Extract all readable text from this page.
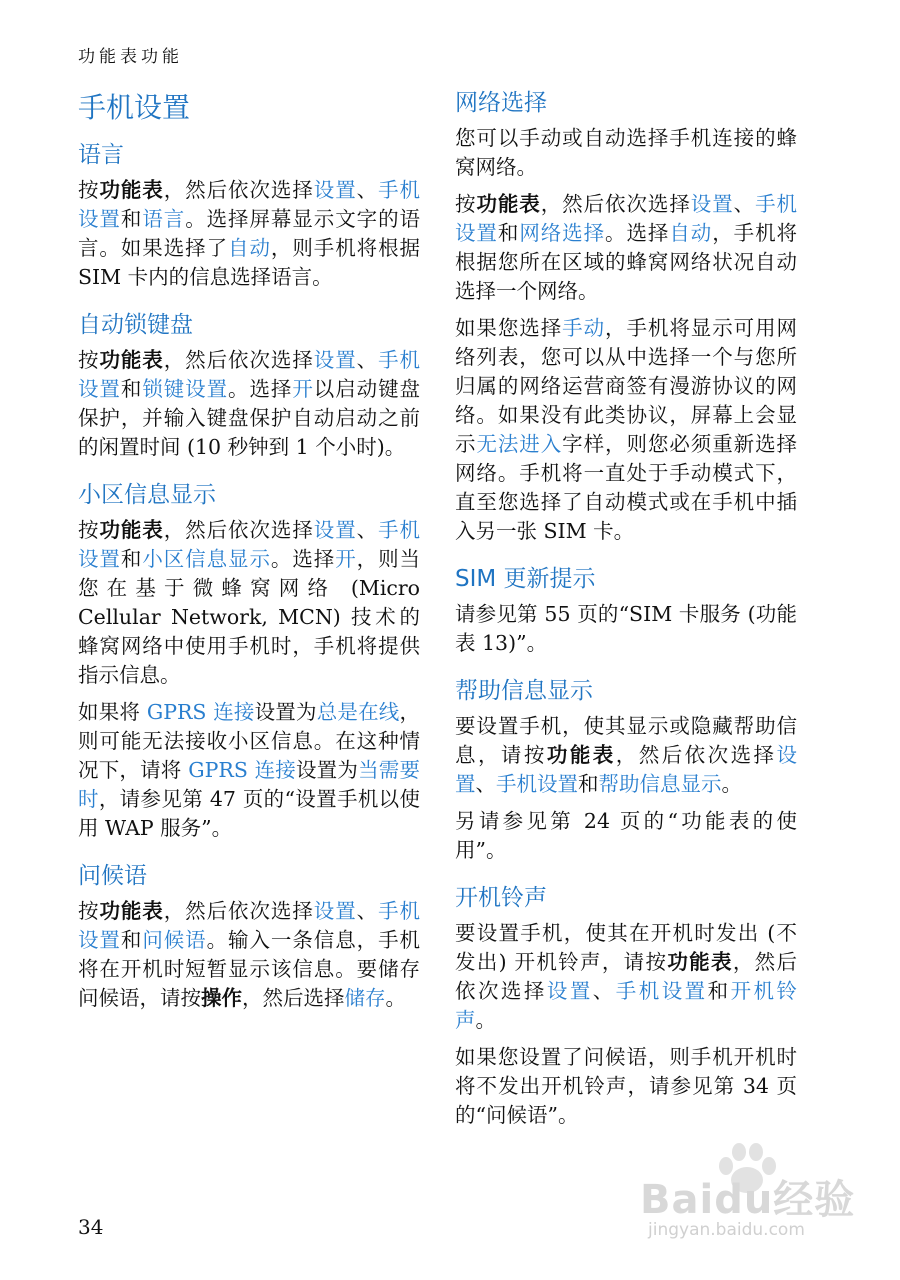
功能表功能
手机设置
语言

按功能表，然后依次选择设置、手机设置和语言。选择屏幕显示文字的语言。如果选择了自动，则手机将根据 SIM 卡内的信息选择语言。

自动锁键盘

按功能表，然后依次选择设置、手机设置和锁键设置。选择开以启动键盘保护，并输入键盘保护自动启动之前的闲置时间 (10 秒钟到 1 个小时)。

小区信息显示

按功能表，然后依次选择设置、手机设置和小区信息显示。选择开，则当您在基于微蜂窝网络 (Micro Cellular Network, MCN) 技术的蜂窝网络中使用手机时，手机将提供指示信息。

如果将 GPRS 连接设置为总是在线，则可能无法接收小区信息。在这种情况下，请将 GPRS 连接设置为当需要时，请参见第 47 页的“设置手机以使用 WAP 服务”。

问候语

按功能表，然后依次选择设置、手机设置和问候语。输入一条信息，手机将在开机时短暂显示该信息。要储存问候语，请按操作，然后选择储存。

网络选择

您可以手动或自动选择手机连接的蜂窝网络。

按功能表，然后依次选择设置、手机设置和网络选择。选择自动，手机将根据您所在区域的蜂窝网络状况自动选择一个网络。

如果您选择手动，手机将显示可用网络列表，您可以从中选择一个与您所归属的网络运营商签有漫游协议的网络。如果没有此类协议，屏幕上会显示无法进入字样，则您必须重新选择网络。手机将一直处于手动模式下，直至您选择了自动模式或在手机中插入另一张 SIM 卡。

SIM 更新提示

请参见第 55 页的“SIM 卡服务 (功能表 13)”。

帮助信息显示

要设置手机，使其显示或隐藏帮助信息，请按功能表，然后依次选择设置、手机设置和帮助信息显示。

另请参见第 24 页的“功能表的使用”。

开机铃声

要设置手机，使其在开机时发出 (不发出) 开机铃声，请按功能表，然后依次选择设置、手机设置和开机铃声。

如果您设置了问候语，则手机开机时将不发出开机铃声，请参见第 34 页的“问候语”。

34
Baidu经验
jingyan.baidu.com
